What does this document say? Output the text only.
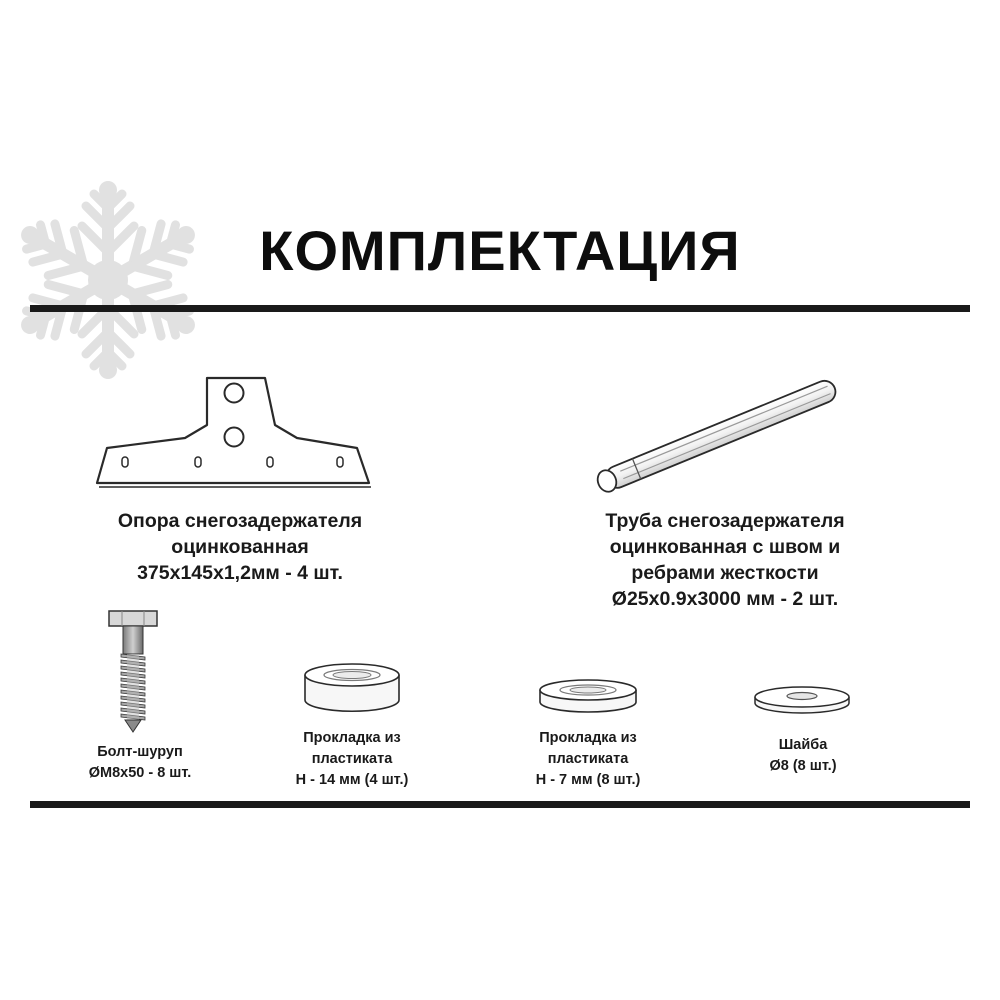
КОМПЛЕКТАЦИЯ
Опора снегозадержателя
оцинкованная
375x145x1,2мм - 4 шт.
Труба снегозадержателя
оцинкованная с швом и
ребрами жесткости
Ø25x0.9x3000 мм - 2 шт.
Болт-шуруп
ØM8x50 - 8 шт.
Прокладка из
пластиката
H - 14 мм (4 шт.)
Прокладка из
пластиката
H - 7 мм (8 шт.)
Шайба
Ø8 (8 шт.)
